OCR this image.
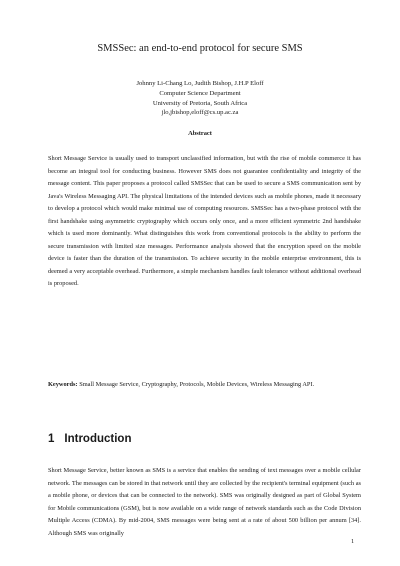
SMSSec: an end-to-end protocol for secure SMS
Johnny Li-Chang Lo, Judith Bishop, J.H.P Eloff
Computer Science Department
University of Pretoria, South Africa
jlo,jbishop,eloff@cs.up.ac.za
Abstract
Short Message Service is usually used to transport unclassified information, but with the rise of mobile commerce it has become an integral tool for conducting business. However SMS does not guarantee confidentiality and integrity of the message content. This paper proposes a protocol called SMSSec that can be used to secure a SMS communication sent by Java's Wireless Messaging API. The physical limitations of the intended devices such as mobile phones, made it necessary to develop a protocol which would make minimal use of computing resources. SMSSec has a two-phase protocol with the first handshake using asymmetric cryptography which occurs only once, and a more efficient symmetric 2nd handshake which is used more dominantly. What distinguishes this work from conventional protocols is the ability to perform the secure transmission with limited size messages. Performance analysis showed that the encryption speed on the mobile device is faster than the duration of the transmission. To achieve security in the mobile enterprise environment, this is deemed a very acceptable overhead. Furthermore, a simple mechanism handles fault tolerance without additional overhead is proposed.
Keywords: Small Message Service, Cryptography, Protocols, Mobile Devices, Wireless Messaging API.
1 Introduction
Short Message Service, better known as SMS is a service that enables the sending of text messages over a mobile cellular network. The messages can be stored in that network until they are collected by the recipient's terminal equipment (such as a mobile phone, or devices that can be connected to the network). SMS was originally designed as part of Global System for Mobile communications (GSM), but is now available on a wide range of network standards such as the Code Division Multiple Access (CDMA). By mid-2004, SMS messages were being sent at a rate of about 500 billion per annum [34]. Although SMS was originally
1
